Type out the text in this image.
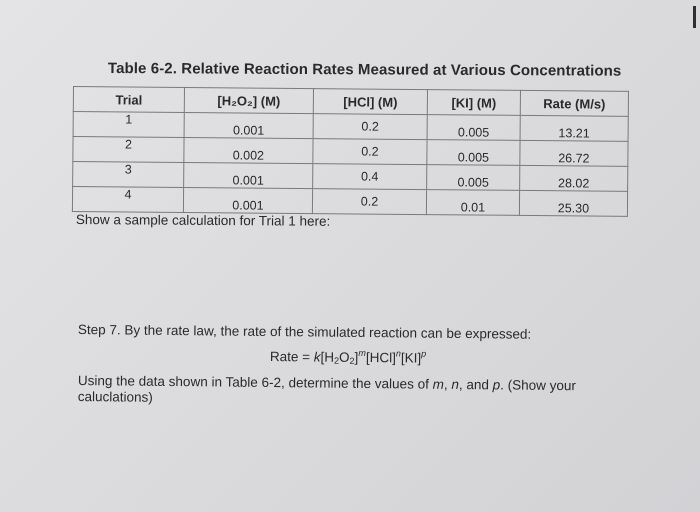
Table 6-2. Relative Reaction Rates Measured at Various Concentrations
Trial	[H₂O₂] (M)	[HCl] (M)	[KI] (M)	Rate (M/s)
1	0.001	0.2	0.005	13.21
2	0.002	0.2	0.005	26.72
3	0.001	0.4	0.005	28.02
4	0.001	0.2	0.01	25.30
Show a sample calculation for Trial 1 here:
Step 7. By the rate law, the rate of the simulated reaction can be expressed:
Rate = $k[H_2O_2]^m[HCl]^n[KI]^p$
Using the data shown in Table 6-2, determine the values of m, n, and p. (Show your caluclations)
